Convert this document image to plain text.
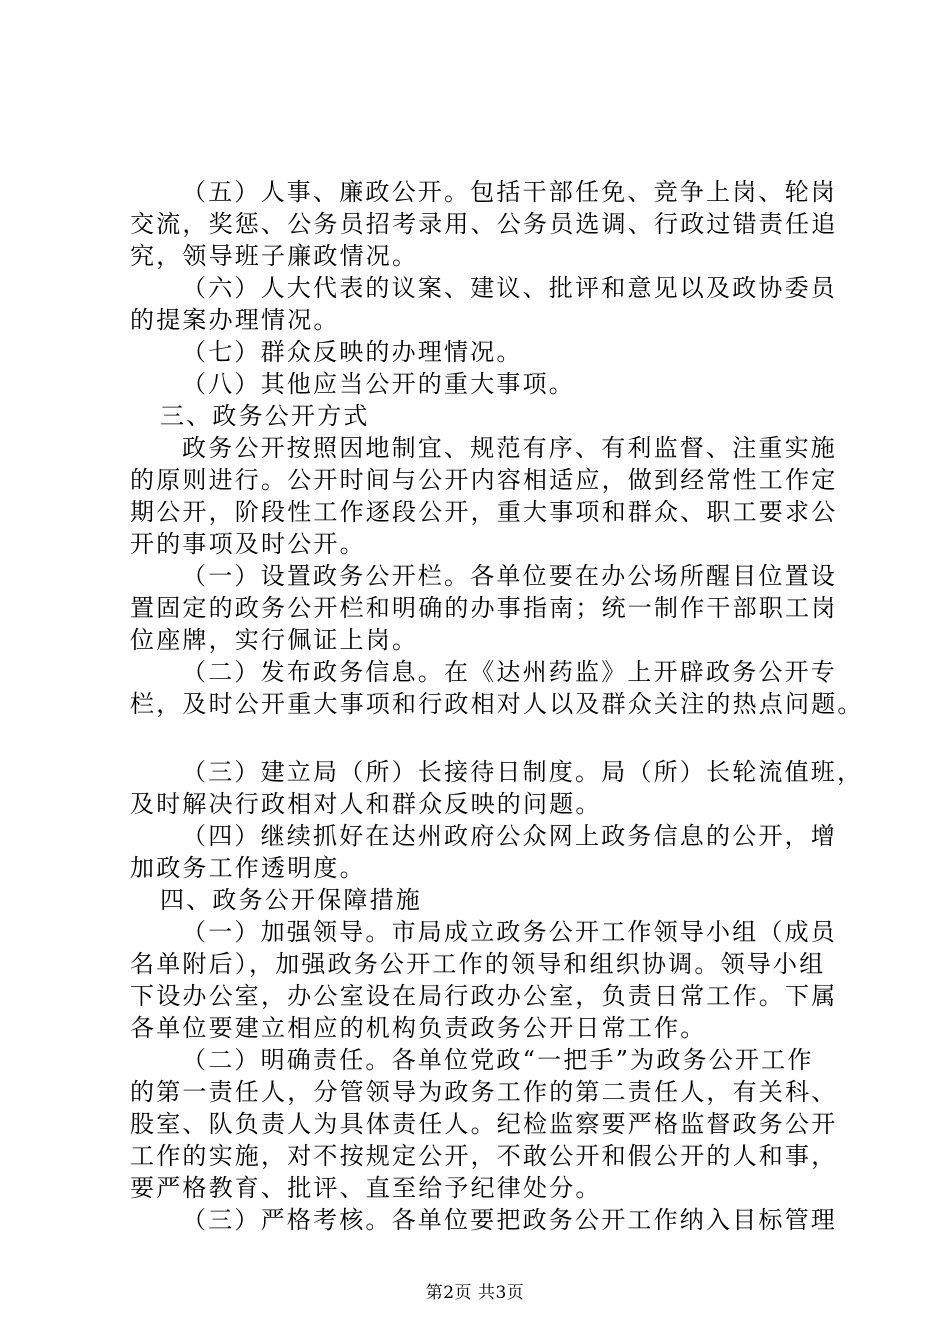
（五）人事、廉政公开。包括干部任免、竞争上岗、轮岗
交流，奖惩、公务员招考录用、公务员选调、行政过错责任追
究，领导班子廉政情况。
（六）人大代表的议案、建议、批评和意见以及政协委员
的提案办理情况。
（七）群众反映的办理情况。
（八）其他应当公开的重大事项。
三、政务公开方式
政务公开按照因地制宜、规范有序、有利监督、注重实施
的原则进行。公开时间与公开内容相适应，做到经常性工作定
期公开，阶段性工作逐段公开，重大事项和群众、职工要求公
开的事项及时公开。
（一）设置政务公开栏。各单位要在办公场所醒目位置设
置固定的政务公开栏和明确的办事指南；统一制作干部职工岗
位座牌，实行佩证上岗。
（二）发布政务信息。在《达州药监》上开辟政务公开专
栏，及时公开重大事项和行政相对人以及群众关注的热点问题。
（三）建立局（所）长接待日制度。局（所）长轮流值班，
及时解决行政相对人和群众反映的问题。
（四）继续抓好在达州政府公众网上政务信息的公开，增
加政务工作透明度。
四、政务公开保障措施
（一）加强领导。市局成立政务公开工作领导小组（成员
名单附后），加强政务公开工作的领导和组织协调。领导小组
下设办公室，办公室设在局行政办公室，负责日常工作。下属
各单位要建立相应的机构负责政务公开日常工作。
（二）明确责任。各单位党政“一把手”为政务公开工作
的第一责任人，分管领导为政务工作的第二责任人，有关科、
股室、队负责人为具体责任人。纪检监察要严格监督政务公开
工作的实施，对不按规定公开，不敢公开和假公开的人和事，
要严格教育、批评、直至给予纪律处分。
（三）严格考核。各单位要把政务公开工作纳入目标管理
第2页 共3页
